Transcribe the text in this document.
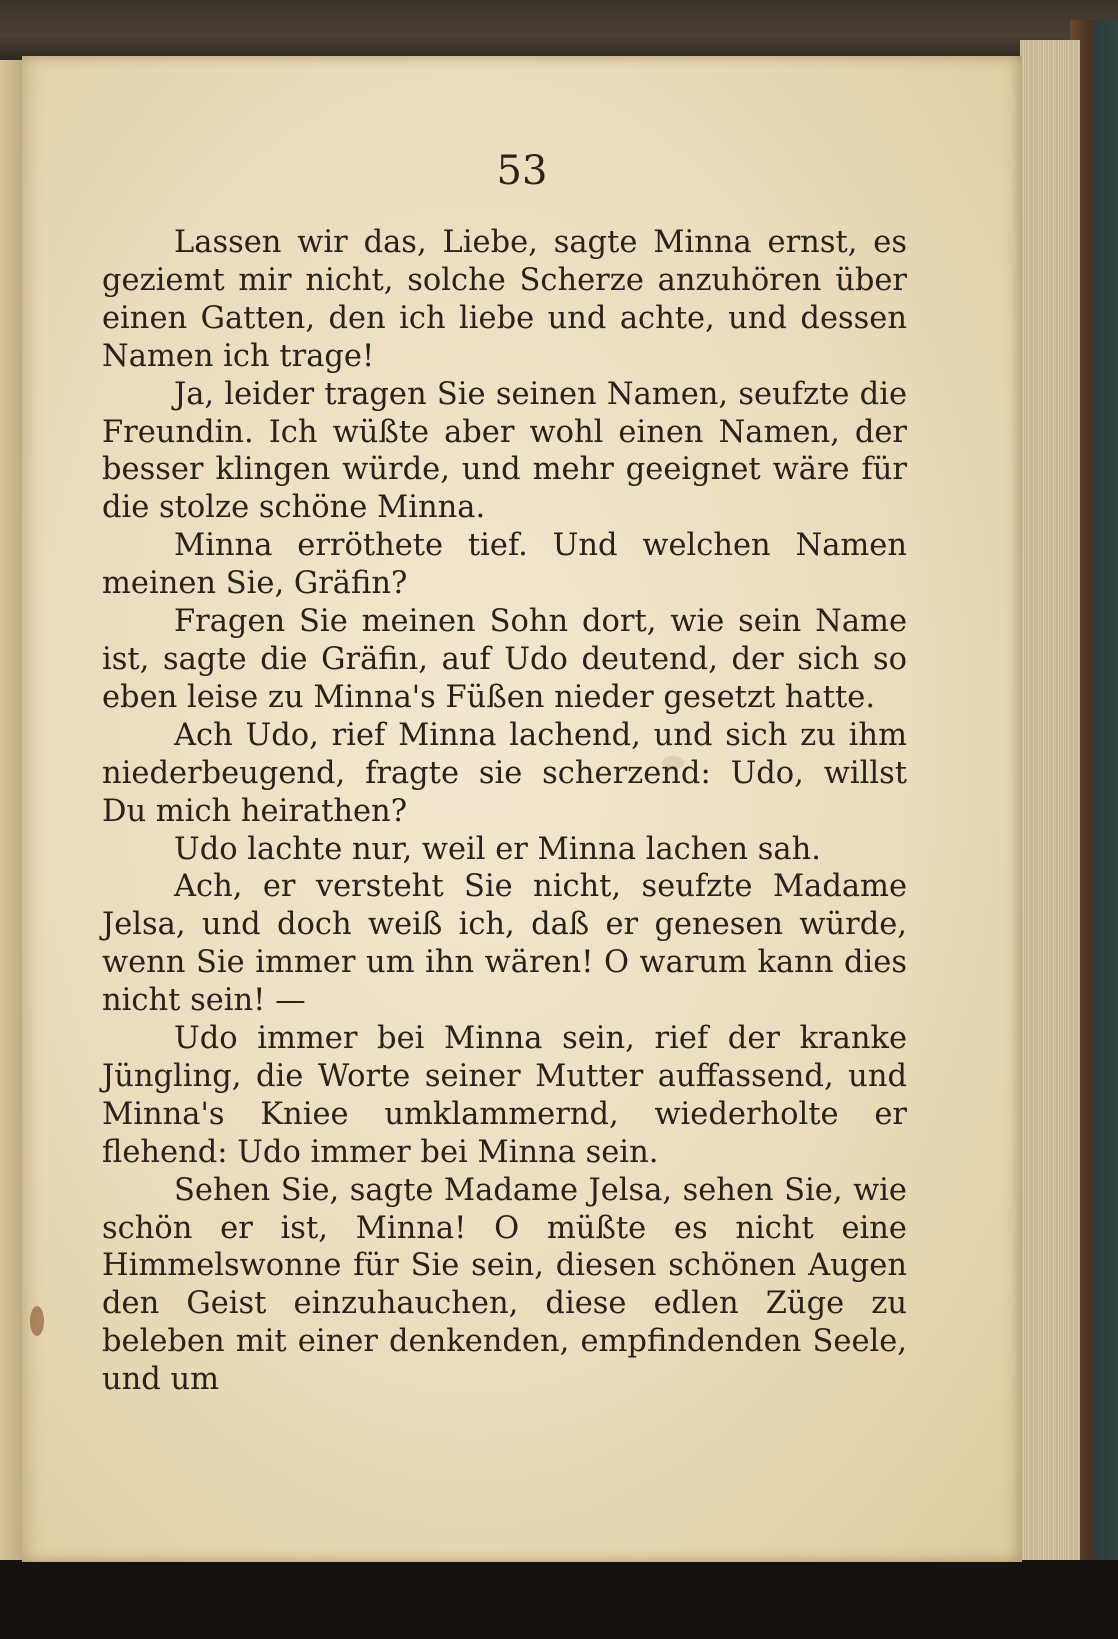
53

Lassen wir das, Liebe, sagte Minna ernst, es geziemt mir nicht, solche Scherze anzuhören über einen Gatten, den ich liebe und achte, und dessen Namen ich trage!

Ja, leider tragen Sie seinen Namen, seufzte die Freundin. Ich wüßte aber wohl einen Namen, der besser klingen würde, und mehr geeignet wäre für die stolze schöne Minna.

Minna erröthete tief. Und welchen Namen meinen Sie, Gräfin?

Fragen Sie meinen Sohn dort, wie sein Name ist, sagte die Gräfin, auf Udo deutend, der sich so eben leise zu Minna's Füßen nieder gesetzt hatte.

Ach Udo, rief Minna lachend, und sich zu ihm niederbeugend, fragte sie scherzend: Udo, willst Du mich heirathen?

Udo lachte nur, weil er Minna lachen sah.

Ach, er versteht Sie nicht, seufzte Madame Jelsa, und doch weiß ich, daß er genesen würde, wenn Sie immer um ihn wären! O warum kann dies nicht sein! —

Udo immer bei Minna sein, rief der kranke Jüngling, die Worte seiner Mutter auffassend, und Minna's Kniee umklammernd, wiederholte er flehend: Udo immer bei Minna sein.

Sehen Sie, sagte Madame Jelsa, sehen Sie, wie schön er ist, Minna! O müßte es nicht eine Himmelswonne für Sie sein, diesen schönen Augen den Geist einzuhauchen, diese edlen Züge zu beleben mit einer denkenden, empfindenden Seele, und um
